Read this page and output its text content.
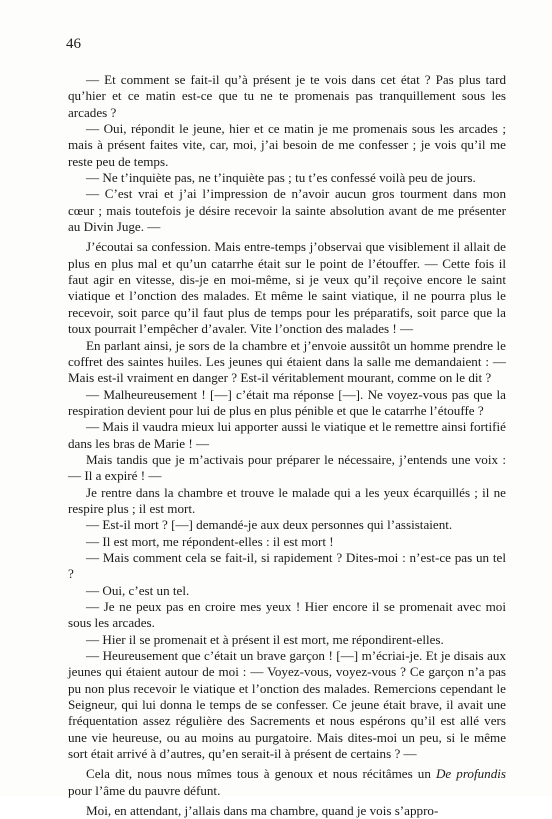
46

— Et comment se fait-il qu’à présent je te vois dans cet état ? Pas plus tard qu’hier et ce matin est-ce que tu ne te promenais pas tranquillement sous les arcades ?

— Oui, répondit le jeune, hier et ce matin je me promenais sous les arcades ; mais à présent faites vite, car, moi, j’ai besoin de me confesser ; je vois qu’il me reste peu de temps.

— Ne t’inquiète pas, ne t’inquiète pas ; tu t’es confessé voilà peu de jours.

— C’est vrai et j’ai l’impression de n’avoir aucun gros tourment dans mon cœur ; mais toutefois je désire recevoir la sainte absolution avant de me présenter au Divin Juge. —

J’écoutai sa confession. Mais entre-temps j’observai que visiblement il allait de plus en plus mal et qu’un catarrhe était sur le point de l’étouffer. — Cette fois il faut agir en vitesse, dis-je en moi-même, si je veux qu’il reçoive encore le saint viatique et l’onction des malades. Et même le saint viatique, il ne pourra plus le recevoir, soit parce qu’il faut plus de temps pour les préparatifs, soit parce que la toux pourrait l’empêcher d’avaler. Vite l’onction des malades ! —

En parlant ainsi, je sors de la chambre et j’envoie aussitôt un homme prendre le coffret des saintes huiles. Les jeunes qui étaient dans la salle me demandaient : — Mais est-il vraiment en danger ? Est-il véritablement mourant, comme on le dit ?

— Malheureusement ! [—] c’était ma réponse [—]. Ne voyez-vous pas que la respiration devient pour lui de plus en plus pénible et que le catarrhe l’étouffe ?

— Mais il vaudra mieux lui apporter aussi le viatique et le remettre ainsi fortifié dans les bras de Marie ! —

Mais tandis que je m’activais pour préparer le nécessaire, j’entends une voix : — Il a expiré ! —

Je rentre dans la chambre et trouve le malade qui a les yeux écarquillés ; il ne respire plus ; il est mort.

— Est-il mort ? [—] demandé-je aux deux personnes qui l’assistaient.

— Il est mort, me répondent-elles : il est mort !

— Mais comment cela se fait-il, si rapidement ? Dites-moi : n’est-ce pas un tel ?

— Oui, c’est un tel.

— Je ne peux pas en croire mes yeux ! Hier encore il se promenait avec moi sous les arcades.

— Hier il se promenait et à présent il est mort, me répondirent-elles.

— Heureusement que c’était un brave garçon ! [—] m’écriai-je. Et je disais aux jeunes qui étaient autour de moi : — Voyez-vous, voyez-vous ? Ce garçon n’a pas pu non plus recevoir le viatique et l’onction des malades. Remercions cependant le Seigneur, qui lui donna le temps de se confesser. Ce jeune était brave, il avait une fréquentation assez régulière des Sacrements et nous espérons qu’il est allé vers une vie heureuse, ou au moins au purgatoire. Mais dites-moi un peu, si le même sort était arrivé à d’autres, qu’en serait-il à présent de certains ? —

Cela dit, nous nous mîmes tous à genoux et nous récitâmes un De profundis pour l’âme du pauvre défunt.

Moi, en attendant, j’allais dans ma chambre, quand je vois s’appro-
